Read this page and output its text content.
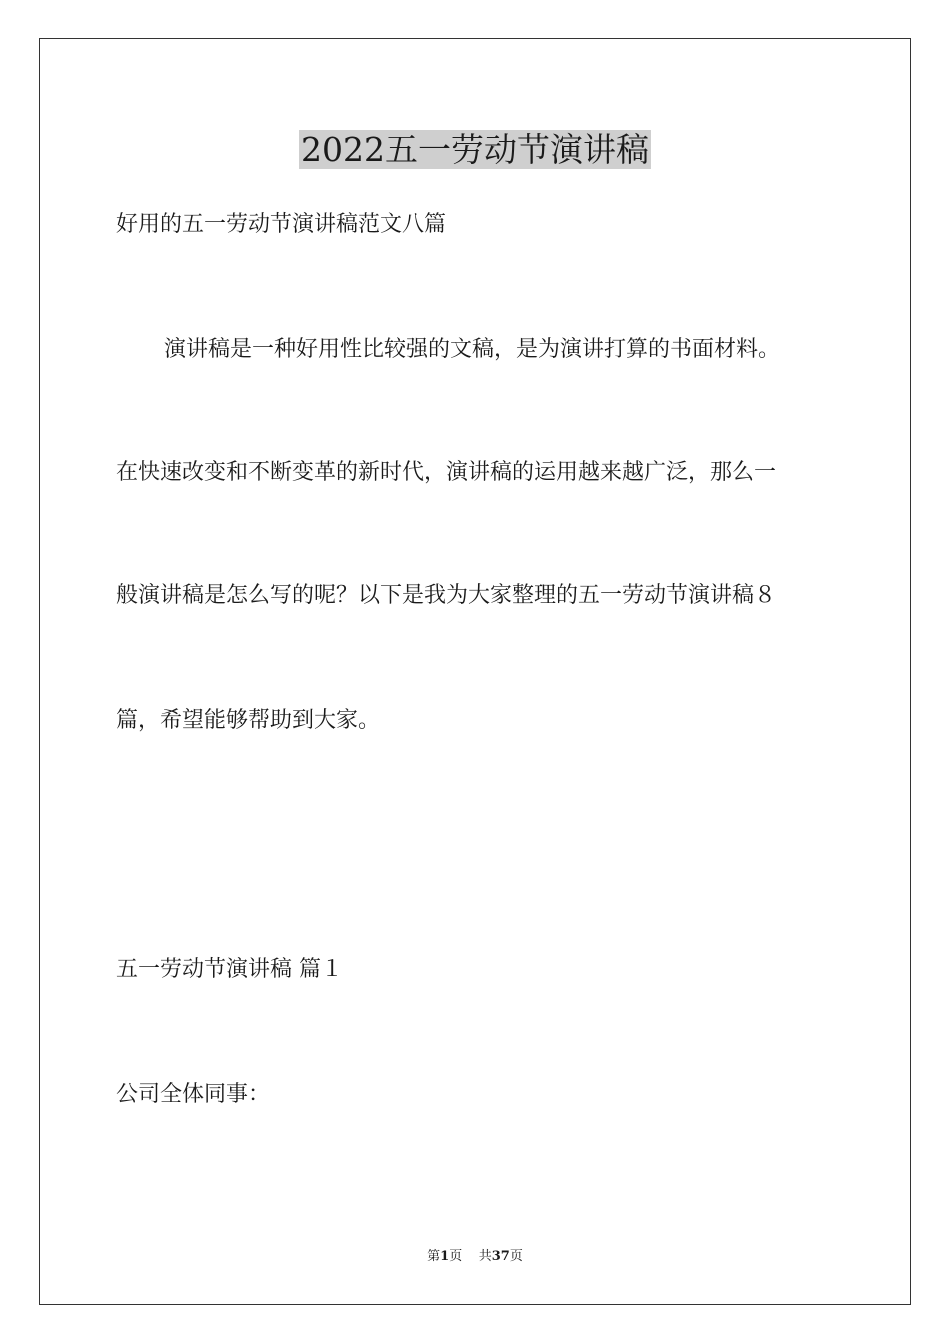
2022五一劳动节演讲稿

好用的五一劳动节演讲稿范文八篇

演讲稿是一种好用性比较强的文稿，是为演讲打算的书面材料。

在快速改变和不断变革的新时代，演讲稿的运用越来越广泛，那么一

般演讲稿是怎么写的呢？以下是我为大家整理的五一劳动节演讲稿８

篇，希望能够帮助到大家。

五一劳动节演讲稿 篇１

公司全体同事：

第1页 共37页
